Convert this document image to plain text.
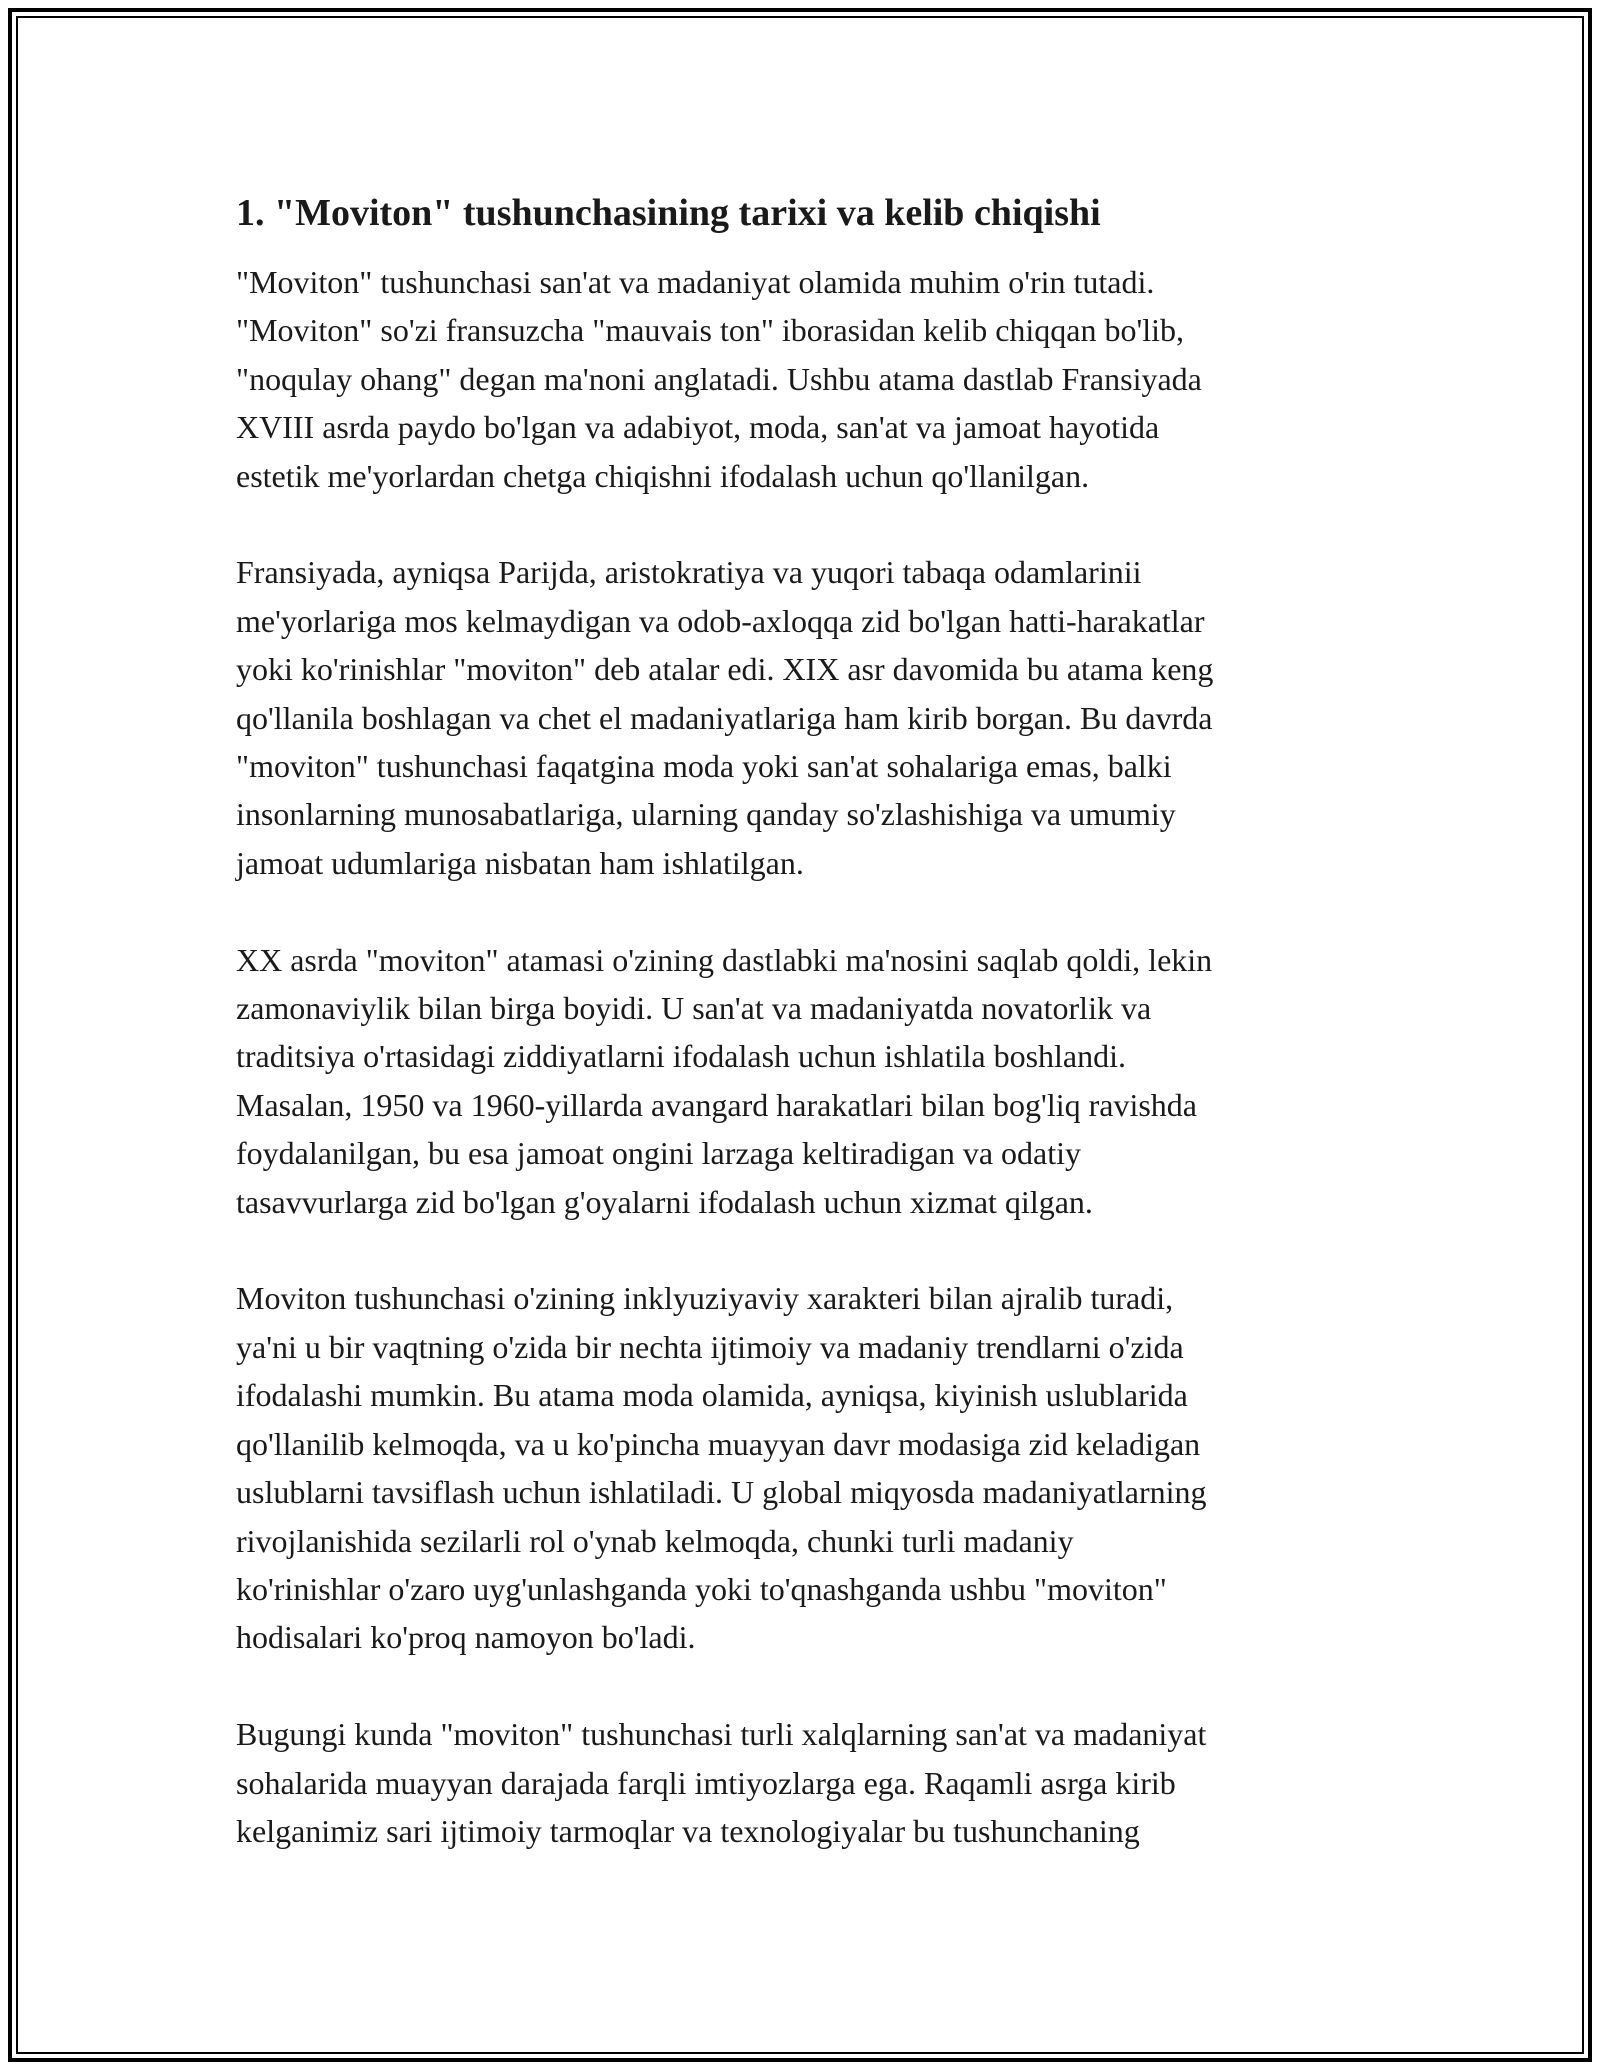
1. "Moviton" tushunchasining tarixi va kelib chiqishi

"Moviton" tushunchasi san'at va madaniyat olamida muhim o'rin tutadi.
"Moviton" so'zi fransuzcha "mauvais ton" iborasidan kelib chiqqan bo'lib,
"noqulay ohang" degan ma'noni anglatadi. Ushbu atama dastlab Fransiyada
XVIII asrda paydo bo'lgan va adabiyot, moda, san'at va jamoat hayotida
estetik me'yorlardan chetga chiqishni ifodalash uchun qo'llanilgan.

Fransiyada, ayniqsa Parijda, aristokratiya va yuqori tabaqa odamlarinii
me'yorlariga mos kelmaydigan va odob-axloqqa zid bo'lgan hatti-harakatlar
yoki ko'rinishlar "moviton" deb atalar edi. XIX asr davomida bu atama keng
qo'llanila boshlagan va chet el madaniyatlariga ham kirib borgan. Bu davrda
"moviton" tushunchasi faqatgina moda yoki san'at sohalariga emas, balki
insonlarning munosabatlariga, ularning qanday so'zlashishiga va umumiy
jamoat udumlariga nisbatan ham ishlatilgan.

XX asrda "moviton" atamasi o'zining dastlabki ma'nosini saqlab qoldi, lekin
zamonaviylik bilan birga boyidi. U san'at va madaniyatda novatorlik va
traditsiya o'rtasidagi ziddiyatlarni ifodalash uchun ishlatila boshlandi.
Masalan, 1950 va 1960-yillarda avangard harakatlari bilan bog'liq ravishda
foydalanilgan, bu esa jamoat ongini larzaga keltiradigan va odatiy
tasavvurlarga zid bo'lgan g'oyalarni ifodalash uchun xizmat qilgan.

Moviton tushunchasi o'zining inklyuziyaviy xarakteri bilan ajralib turadi,
ya'ni u bir vaqtning o'zida bir nechta ijtimoiy va madaniy trendlarni o'zida
ifodalashi mumkin. Bu atama moda olamida, ayniqsa, kiyinish uslublarida
qo'llanilib kelmoqda, va u ko'pincha muayyan davr modasiga zid keladigan
uslublarni tavsiflash uchun ishlatiladi. U global miqyosda madaniyatlarning
rivojlanishida sezilarli rol o'ynab kelmoqda, chunki turli madaniy
ko'rinishlar o'zaro uyg'unlashganda yoki to'qnashganda ushbu "moviton"
hodisalari ko'proq namoyon bo'ladi.

Bugungi kunda "moviton" tushunchasi turli xalqlarning san'at va madaniyat
sohalarida muayyan darajada farqli imtiyozlarga ega. Raqamli asrga kirib
kelganimiz sari ijtimoiy tarmoqlar va texnologiyalar bu tushunchaning
